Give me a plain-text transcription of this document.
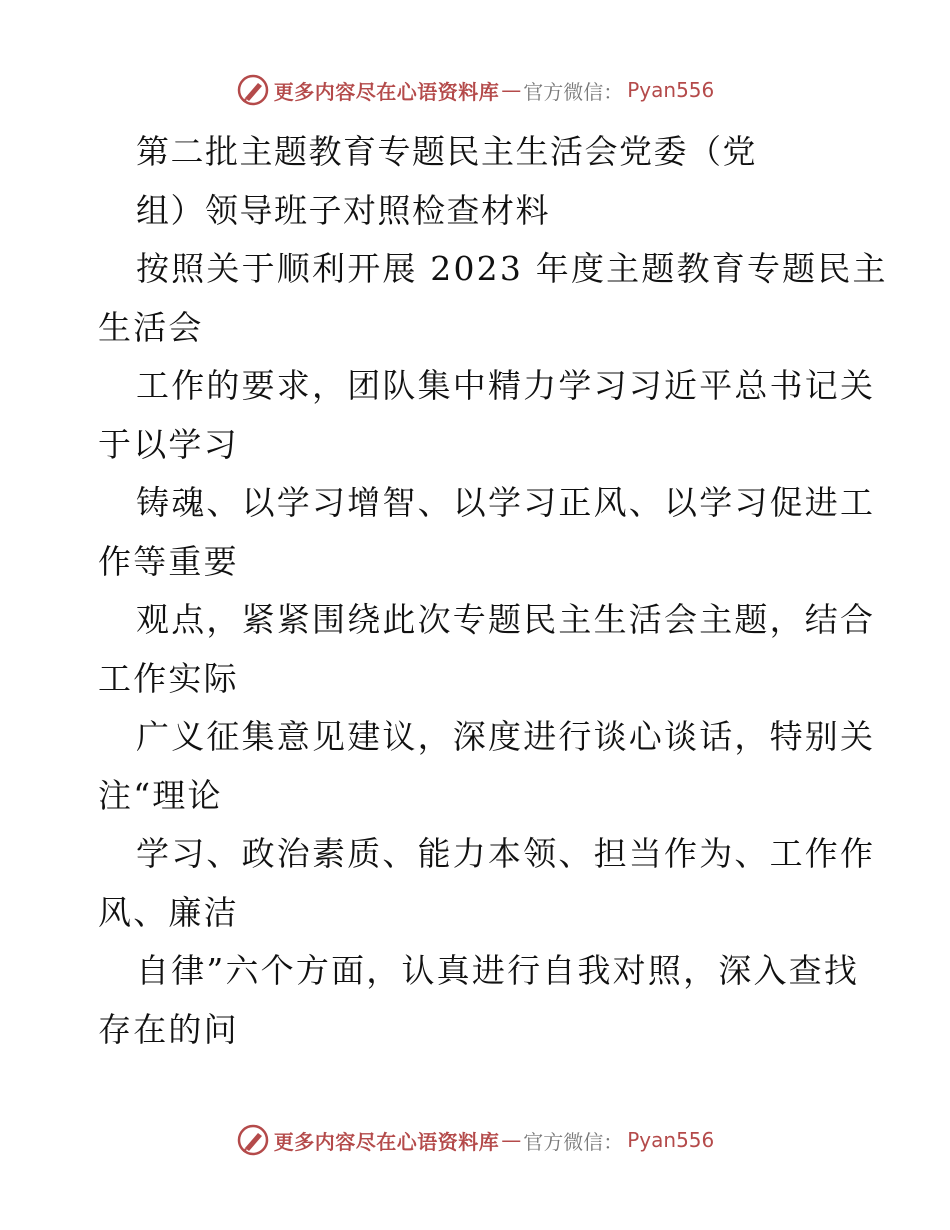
更多内容尽在心语资料库 — 官方微信： Pyan556
第二批主题教育专题民主生活会党委（党
组）领导班子对照检查材料
按照关于顺利开展 2023 年度主题教育专题民主
生活会
工作的要求，团队集中精力学习习近平总书记关
于以学习
铸魂、以学习增智、以学习正风、以学习促进工
作等重要
观点，紧紧围绕此次专题民主生活会主题，结合
工作实际
广义征集意见建议，深度进行谈心谈话，特别关
注“理论
学习、政治素质、能力本领、担当作为、工作作
风、廉洁
自律”六个方面，认真进行自我对照，深入查找
存在的问
更多内容尽在心语资料库 — 官方微信： Pyan556
